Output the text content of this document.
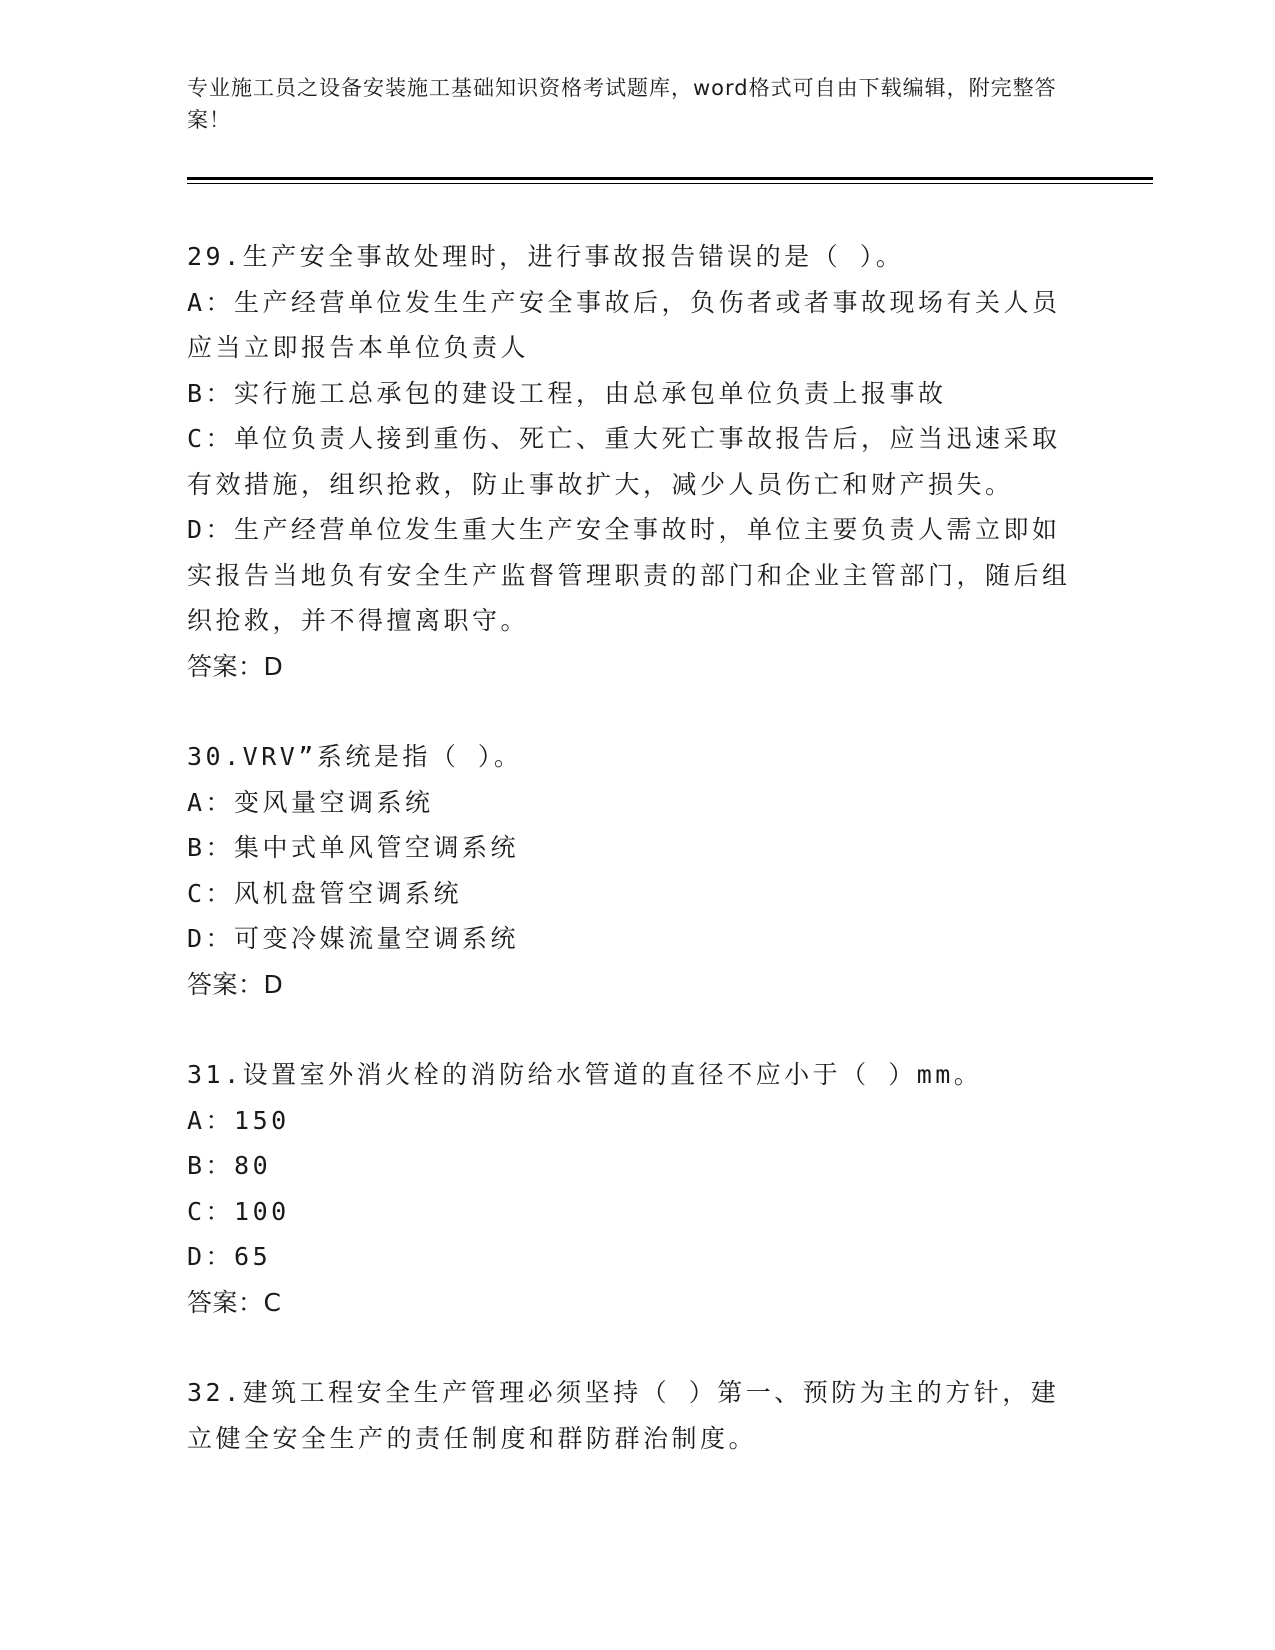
专业施工员之设备安装施工基础知识资格考试题库，word格式可自由下载编辑，附完整答案！
29.生产安全事故处理时，进行事故报告错误的是（ ）。
A：生产经营单位发生生产安全事故后，负伤者或者事故现场有关人员应当立即报告本单位负责人
B：实行施工总承包的建设工程，由总承包单位负责上报事故
C：单位负责人接到重伤、死亡、重大死亡事故报告后，应当迅速采取有效措施，组织抢救，防止事故扩大，减少人员伤亡和财产损失。
D：生产经营单位发生重大生产安全事故时，单位主要负责人需立即如实报告当地负有安全生产监督管理职责的部门和企业主管部门，随后组织抢救，并不得擅离职守。
答案：D
30.VRV”系统是指（ ）。
A：变风量空调系统
B：集中式单风管空调系统
C：风机盘管空调系统
D：可变冷媒流量空调系统
答案：D
31.设置室外消火栓的消防给水管道的直径不应小于（ ）mm。
A：150
B：80
C：100
D：65
答案：C
32.建筑工程安全生产管理必须坚持（ ）第一、预防为主的方针，建立健全安全生产的责任制度和群防群治制度。
